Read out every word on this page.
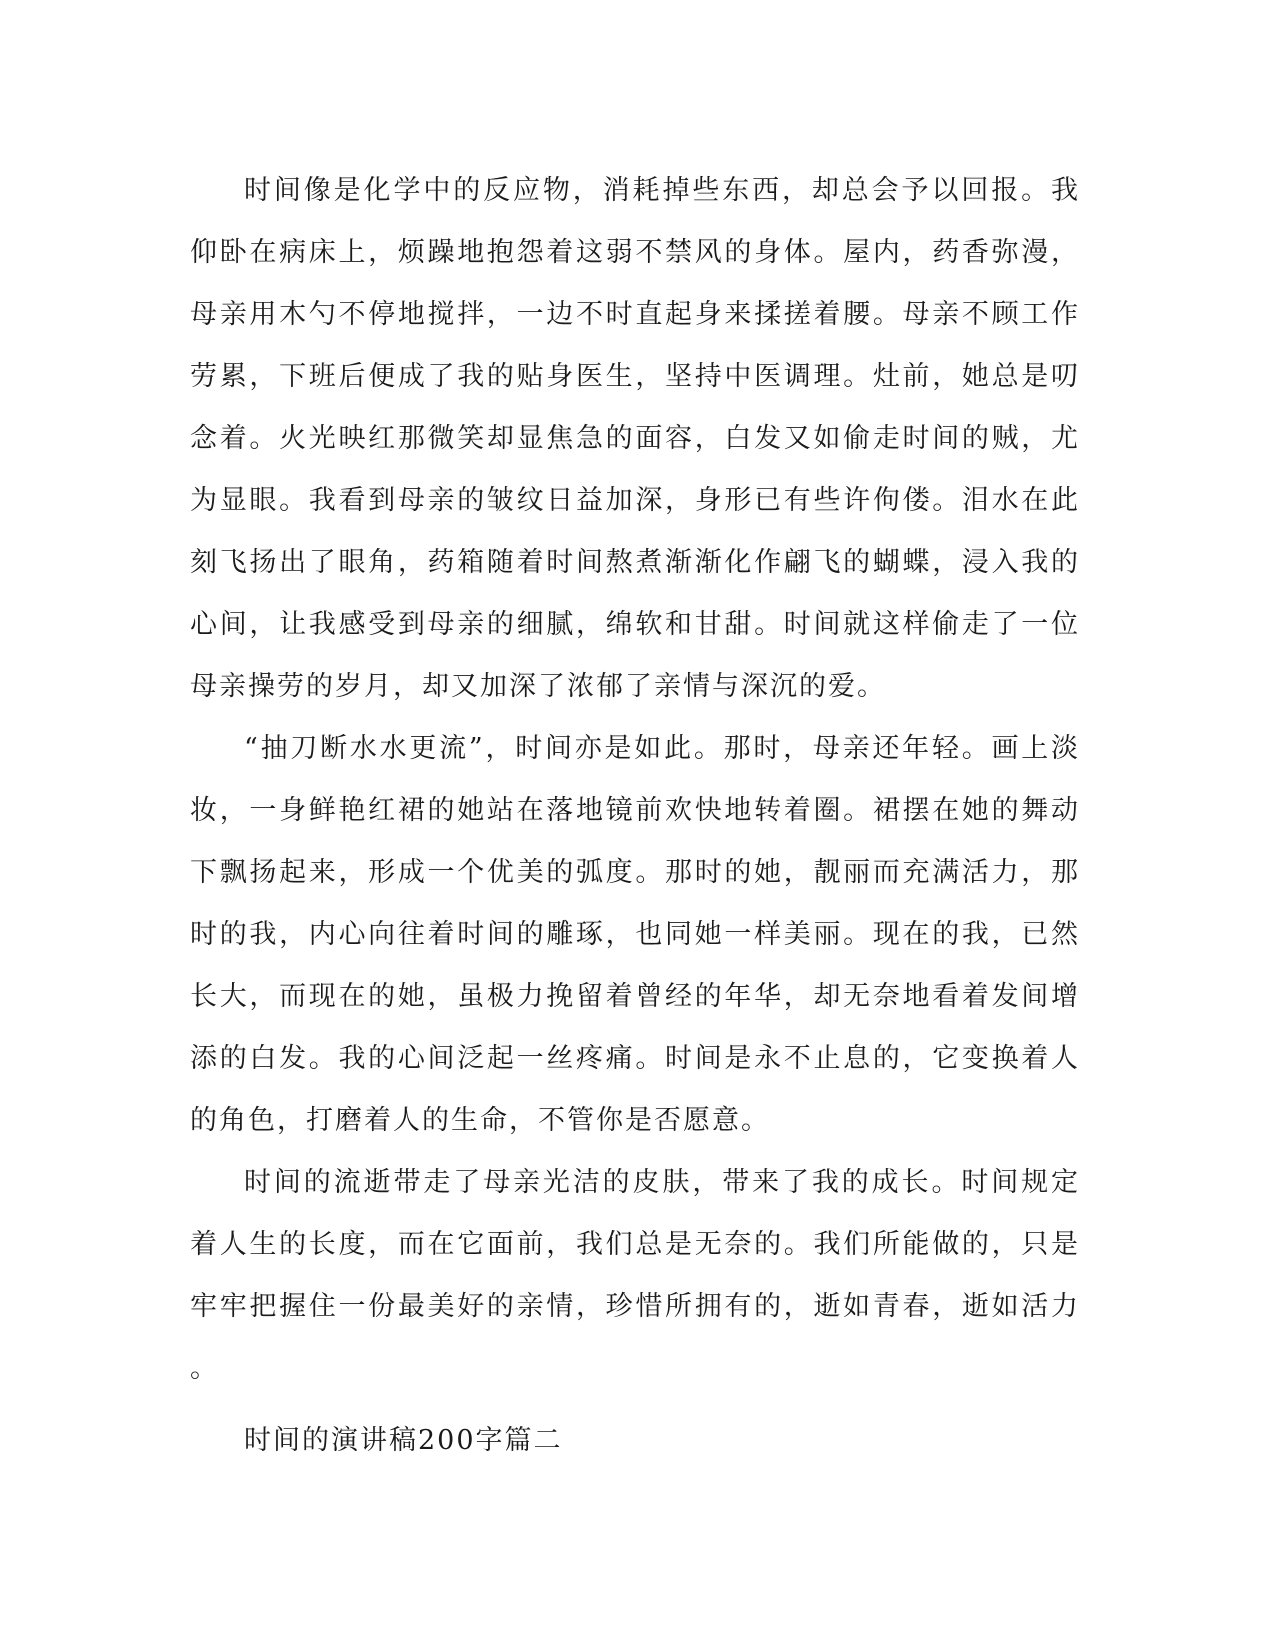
时间像是化学中的反应物，消耗掉些东西，却总会予以回报。我仰卧在病床上，烦躁地抱怨着这弱不禁风的身体。屋内，药香弥漫，母亲用木勺不停地搅拌，一边不时直起身来揉搓着腰。母亲不顾工作劳累，下班后便成了我的贴身医生，坚持中医调理。灶前，她总是叨念着。火光映红那微笑却显焦急的面容，白发又如偷走时间的贼，尤为显眼。我看到母亲的皱纹日益加深，身形已有些许佝偻。泪水在此刻飞扬出了眼角，药箱随着时间熬煮渐渐化作翩飞的蝴蝶，浸入我的心间，让我感受到母亲的细腻，绵软和甘甜。时间就这样偷走了一位母亲操劳的岁月，却又加深了浓郁了亲情与深沉的爱。

“抽刀断水水更流”，时间亦是如此。那时，母亲还年轻。画上淡妆，一身鲜艳红裙的她站在落地镜前欢快地转着圈。裙摆在她的舞动下飘扬起来，形成一个优美的弧度。那时的她，靓丽而充满活力，那时的我，内心向往着时间的雕琢，也同她一样美丽。现在的我，已然长大，而现在的她，虽极力挽留着曾经的年华，却无奈地看着发间增添的白发。我的心间泛起一丝疼痛。时间是永不止息的，它变换着人的角色，打磨着人的生命，不管你是否愿意。

时间的流逝带走了母亲光洁的皮肤，带来了我的成长。时间规定着人生的长度，而在它面前，我们总是无奈的。我们所能做的，只是牢牢把握住一份最美好的亲情，珍惜所拥有的，逝如青春，逝如活力。

时间的演讲稿200字篇二
